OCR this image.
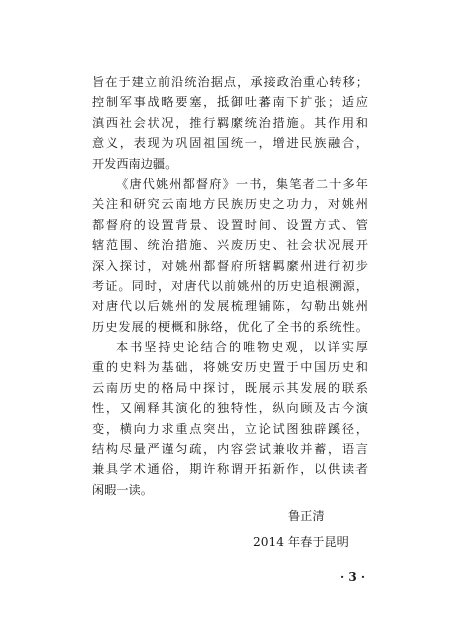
旨在于建立前沿统治据点，承接政治重心转移；
控制军事战略要塞，抵御吐蕃南下扩张；适应
滇西社会状况，推行羁縻统治措施。其作用和
意义，表现为巩固祖国统一，增进民族融合，
开发西南边疆。
《唐代姚州都督府》一书，集笔者二十多年
关注和研究云南地方民族历史之功力，对姚州
都督府的设置背景、设置时间、设置方式、管
辖范围、统治措施、兴废历史、社会状况展开
深入探讨，对姚州都督府所辖羁縻州进行初步
考证。同时，对唐代以前姚州的历史追根溯源，
对唐代以后姚州的发展梳理铺陈，勾勒出姚州
历史发展的梗概和脉络，优化了全书的系统性。
本书坚持史论结合的唯物史观，以详实厚
重的史料为基础，将姚安历史置于中国历史和
云南历史的格局中探讨，既展示其发展的联系
性，又阐释其演化的独特性，纵向顾及古今演
变，横向力求重点突出，立论试图独辟蹊径，
结构尽量严谨匀疏，内容尝试兼收并蓄，语言
兼具学术通俗，期许称谓开拓新作，以供读者
闲暇一读。
鲁正清
2014 年春于昆明
· 3 ·
